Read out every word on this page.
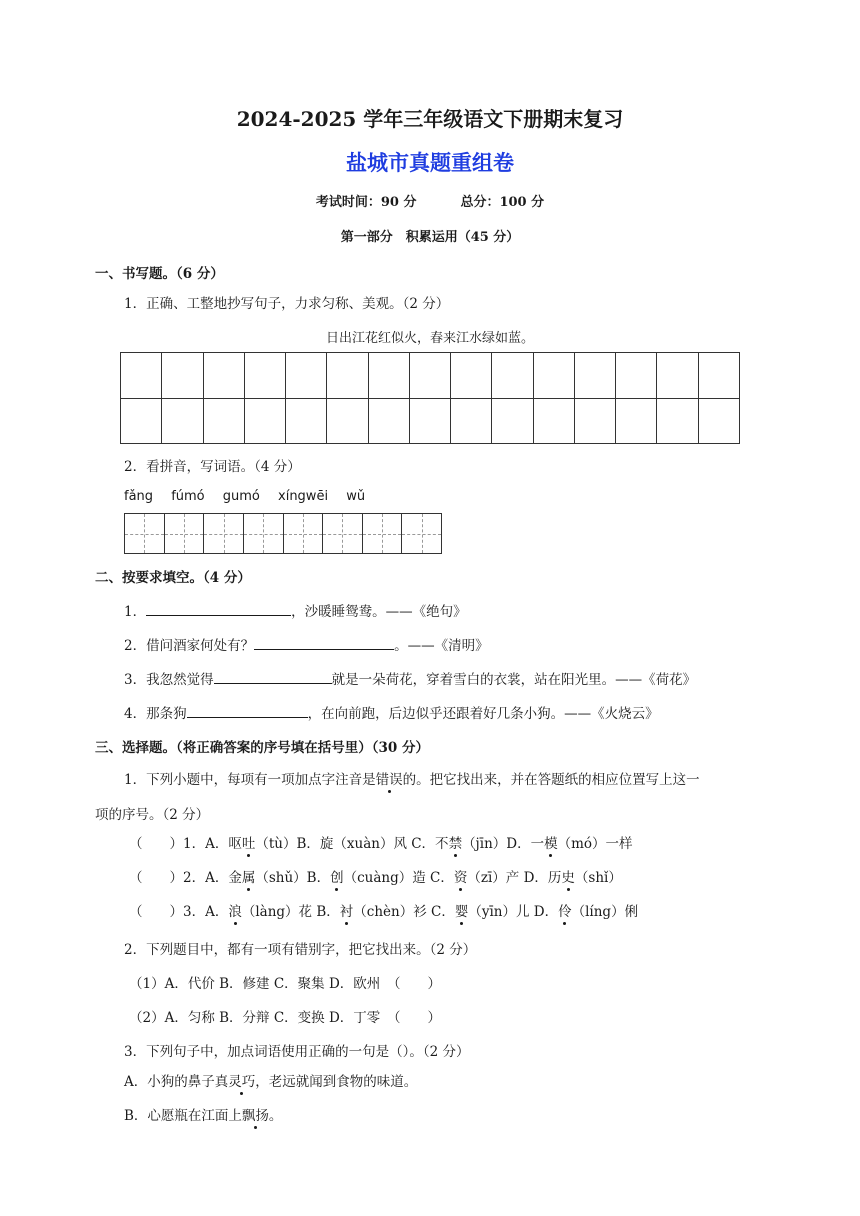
2024-2025 学年三年级语文下册期末复习
盐城市真题重组卷
考试时间：90 分	总分：100 分
第一部分　积累运用（45 分）
一、书写题。（6 分）
1．正确、工整地抄写句子，力求匀称、美观。（2 分）
日出江花红似火，春来江水绿如蓝。
2．看拼音，写词语。（4 分）
fǎng fúmó gumó xíngwēi wǔ
二、按要求填空。（4 分）
1．	，沙暖睡鸳鸯。——《绝句》
2．借问酒家何处有？	。——《清明》
3．我忽然觉得	就是一朵荷花，穿着雪白的衣裳，站在阳光里。——《荷花》
4．那条狗	，在向前跑，后边似乎还跟着好几条小狗。——《火烧云》
三、选择题。（将正确答案的序号填在括号里）（30 分）
1．下列小题中，每项有一项加点字注音是错误的。把它找出来，并在答题纸的相应位置写上这一
项的序号。（2 分）
（　　）1．A．呕吐（tù）B．旋（xuàn）风 C．不禁（jīn）D．一模（mó）一样
（　　）2．A．金属（shǔ）B．创（cuàng）造 C．资（zī）产 D．历史（shǐ）
（　　）3．A．浪（làng）花 B．衬（chèn）衫 C．婴（yīn）儿 D．伶（líng）俐
2．下列题目中，都有一项有错别字，把它找出来。（2 分）
（1）A．代价 B．修建 C．聚集 D．欧州　（　　）
（2）A．匀称 B．分辩 C．变换 D．丁零　（　　）
3．下列句子中，加点词语使用正确的一句是（）。（2 分）
A．小狗的鼻子真灵巧，老远就闻到食物的味道。
B．心愿瓶在江面上飘扬。
